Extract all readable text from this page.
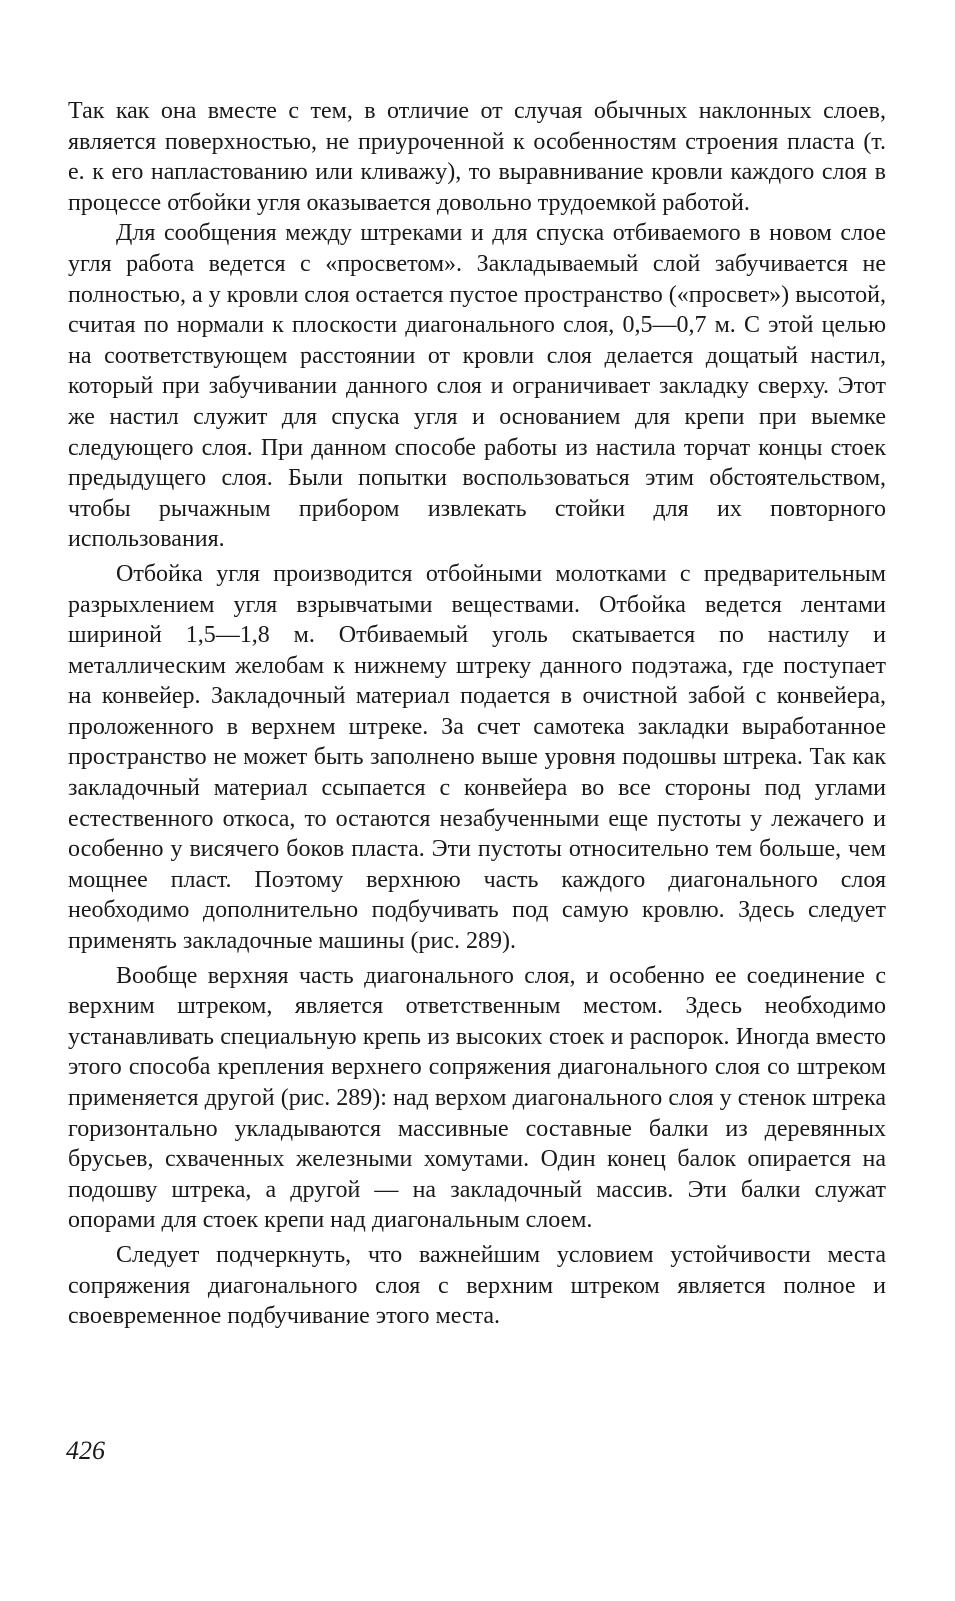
Так как она вместе с тем, в отличие от случая обычных наклонных слоев, является поверхностью, не приуроченной к особенностям строения пласта (т. е. к его напластованию или кливажу), то выравнивание кровли каждого слоя в процессе отбойки угля оказывается довольно трудоемкой работой.

Для сообщения между штреками и для спуска отбиваемого в новом слое угля работа ведется с «просветом». Закладываемый слой забучивается не полностью, а у кровли слоя остается пустое пространство («просвет») высотой, считая по нормали к плоскости диагонального слоя, 0,5—0,7 м. С этой целью на соответствующем расстоянии от кровли слоя делается дощатый настил, который при забучивании данного слоя и ограничивает закладку сверху. Этот же настил служит для спуска угля и основанием для крепи при выемке следующего слоя. При данном способе работы из настила торчат концы стоек предыдущего слоя. Были попытки воспользоваться этим обстоятельством, чтобы рычажным прибором извлекать стойки для их повторного использования.

Отбойка угля производится отбойными молотками с предварительным разрыхлением угля взрывчатыми веществами. Отбойка ведется лентами шириной 1,5—1,8 м. Отбиваемый уголь скатывается по настилу и металлическим желобам к нижнему штреку данного подэтажа, где поступает на конвейер. Закладочный материал подается в очистной забой с конвейера, проложенного в верхнем штреке. За счет самотека закладки выработанное пространство не может быть заполнено выше уровня подошвы штрека. Так как закладочный материал ссыпается с конвейера во все стороны под углами естественного откоса, то остаются незабученными еще пустоты у лежачего и особенно у висячего боков пласта. Эти пустоты относительно тем больше, чем мощнее пласт. Поэтому верхнюю часть каждого диагонального слоя необходимо дополнительно подбучивать под самую кровлю. Здесь следует применять закладочные машины (рис. 289).

Вообще верхняя часть диагонального слоя, и особенно ее соединение с верхним штреком, является ответственным местом. Здесь необходимо устанавливать специальную крепь из высоких стоек и распорок. Иногда вместо этого способа крепления верхнего сопряжения диагонального слоя со штреком применяется другой (рис. 289): над верхом диагонального слоя у стенок штрека горизонтально укладываются массивные составные балки из деревянных брусьев, схваченных железными хомутами. Один конец балок опирается на подошву штрека, а другой — на закладочный массив. Эти балки служат опорами для стоек крепи над диагональным слоем.

Следует подчеркнуть, что важнейшим условием устойчивости места сопряжения диагонального слоя с верхним штреком является полное и своевременное подбучивание этого места.

426
